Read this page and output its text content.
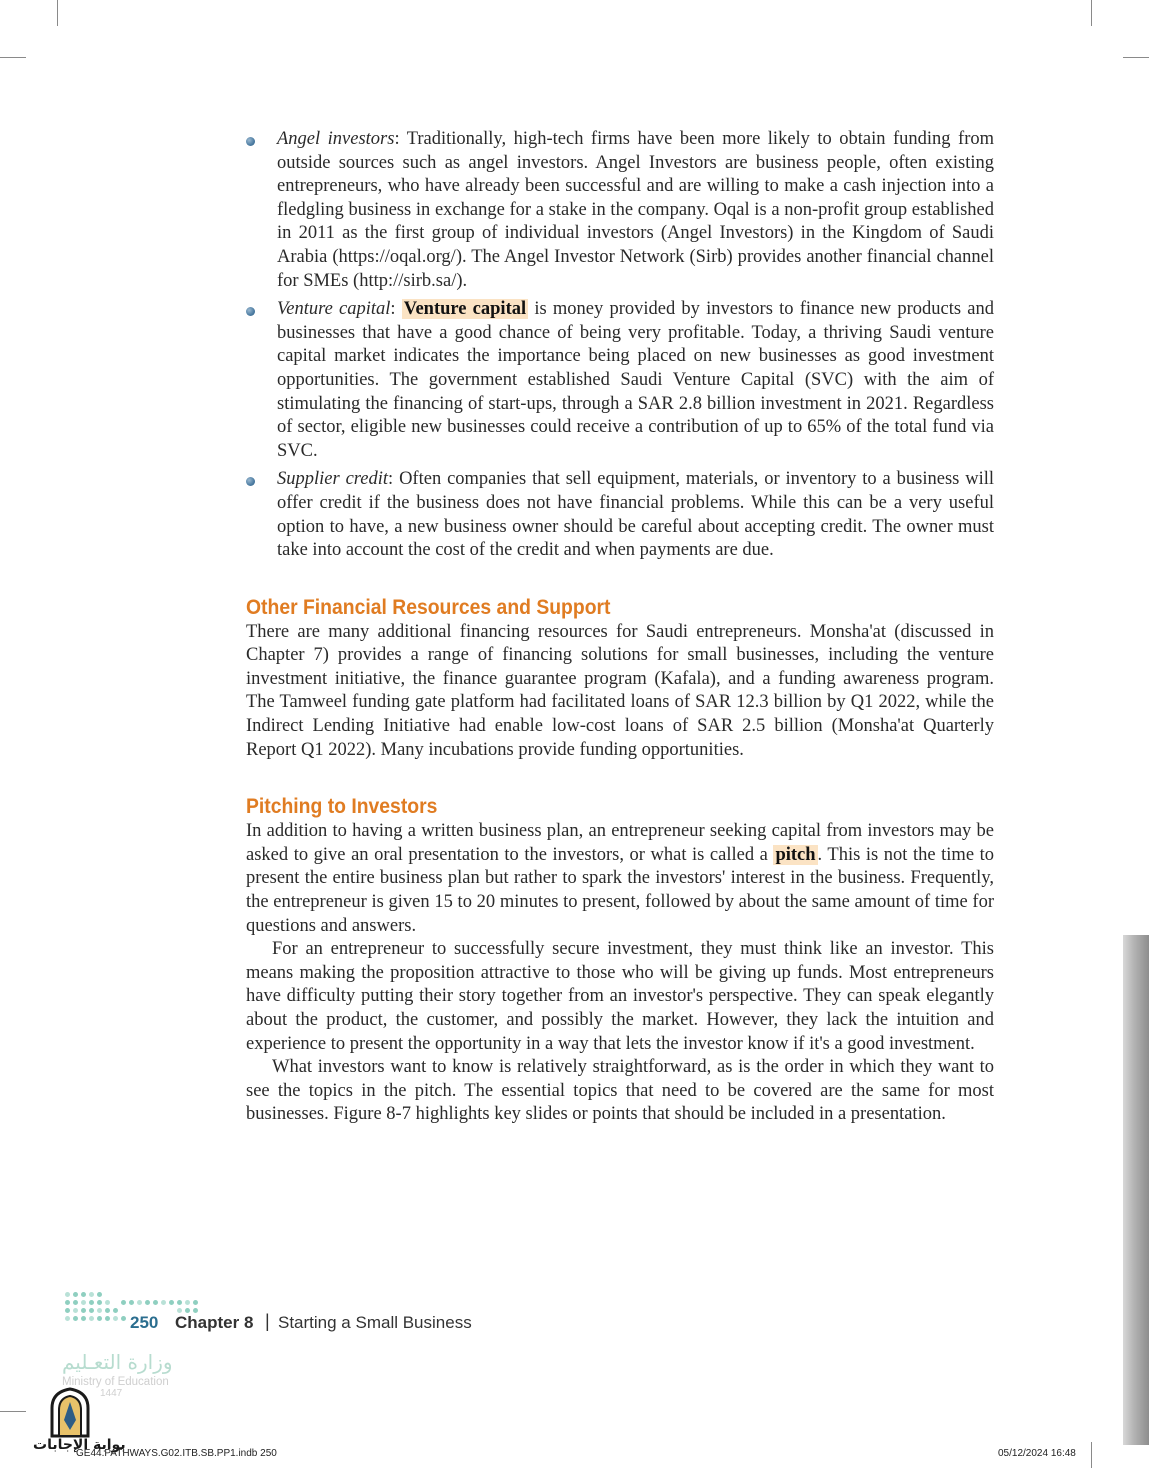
Angel investors: Traditionally, high-tech firms have been more likely to obtain funding from outside sources such as angel investors. Angel Investors are business people, often existing entrepreneurs, who have already been successful and are willing to make a cash injection into a fledgling business in exchange for a stake in the company. Oqal is a non-profit group established in 2011 as the first group of individual investors (Angel Investors) in the Kingdom of Saudi Arabia (https://oqal.org/). The Angel Investor Network (Sirb) provides another financial channel for SMEs (http://sirb.sa/).

Venture capital: Venture capital is money provided by investors to finance new products and businesses that have a good chance of being very profitable. Today, a thriving Saudi venture capital market indicates the importance being placed on new businesses as good investment opportunities. The government established Saudi Venture Capital (SVC) with the aim of stimulating the financing of start-ups, through a SAR 2.8 billion investment in 2021. Regardless of sector, eligible new businesses could receive a contribution of up to 65% of the total fund via SVC.

Supplier credit: Often companies that sell equipment, materials, or inventory to a business will offer credit if the business does not have financial problems. While this can be a very useful option to have, a new business owner should be careful about accepting credit. The owner must take into account the cost of the credit and when payments are due.

Other Financial Resources and Support

There are many additional financing resources for Saudi entrepreneurs. Monsha'at (discussed in Chapter 7) provides a range of financing solutions for small businesses, including the venture investment initiative, the finance guarantee program (Kafala), and a funding awareness program. The Tamweel funding gate platform had facilitated loans of SAR 12.3 billion by Q1 2022, while the Indirect Lending Initiative had enable low-cost loans of SAR 2.5 billion (Monsha'at Quarterly Report Q1 2022). Many incubations provide funding opportunities.

Pitching to Investors

In addition to having a written business plan, an entrepreneur seeking capital from investors may be asked to give an oral presentation to the investors, or what is called a pitch . This is not the time to present the entire business plan but rather to spark the investors' interest in the business. Frequently, the entrepreneur is given 15 to 20 minutes to present, followed by about the same amount of time for questions and answers.

For an entrepreneur to successfully secure investment, they must think like an investor. This means making the proposition attractive to those who will be giving up funds. Most entrepreneurs have difficulty putting their story together from an investor's perspective. They can speak elegantly about the product, the customer, and possibly the market. However, they lack the intuition and experience to present the opportunity in a way that lets the investor know if it's a good investment.

What investors want to know is relatively straightforward, as is the order in which they want to see the topics in the pitch. The essential topics that need to be covered are the same for most businesses. Figure 8-7 highlights key slides or points that should be included in a presentation.

250 Chapter 8 | Starting a Small Business
وزارة التعـليم
Ministry of Education
1447
بوابة الإجابات
GE44.PATHWAYS.G02.ITB.SB.PP1.indb 250	05/12/2024 16:48
